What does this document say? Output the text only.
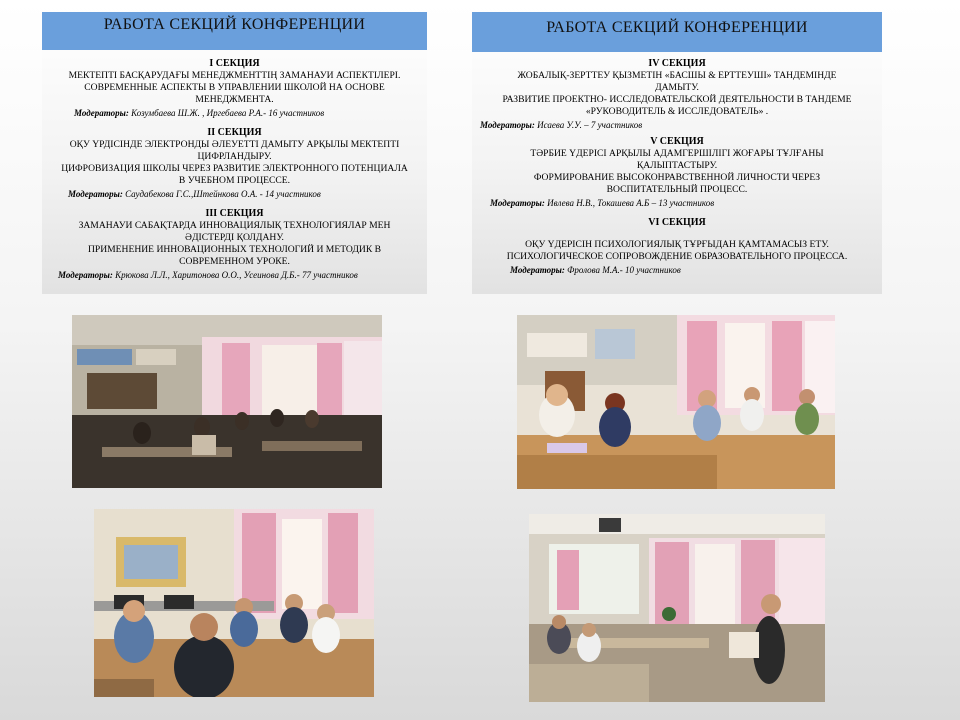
РАБОТА СЕКЦИЙ КОНФЕРЕНЦИИ

I СЕКЦИЯ

МЕКТЕПТІ БАСҚАРУДАҒЫ МЕНЕДЖМЕНТТІҢ ЗАМАНАУИ АСПЕКТІЛЕРІ.

СОВРЕМЕННЫЕ АСПЕКТЫ В УПРАВЛЕНИИ ШКОЛОЙ НА ОСНОВЕ

МЕНЕДЖМЕНТА.

Модераторы: Козумбаева Ш.Ж. , Иргебаева Р.А.- 16 участников

II СЕКЦИЯ

ОҚУ ҮРДІСІНДЕ ЭЛЕКТРОНДЫ ӘЛЕУЕТТІ ДАМЫТУ АРҚЫЛЫ МЕКТЕПТІ

ЦИФРЛАНДЫРУ.

ЦИФРОВИЗАЦИЯ ШКОЛЫ ЧЕРЕЗ РАЗВИТИЕ ЭЛЕКТРОННОГО ПОТЕНЦИАЛА

В УЧЕБНОМ ПРОЦЕССЕ.

Модераторы: Саудабекова Г.С.,Штейнкова О.А. - 14 участников

III СЕКЦИЯ

ЗАМАНАУИ САБАҚТАРДА ИННОВАЦИЯЛЫҚ ТЕХНОЛОГИЯЛАР МЕН

ӘДІСТЕРДІ ҚОЛДАНУ.

ПРИМЕНЕНИЕ ИННОВАЦИОННЫХ ТЕХНОЛОГИЙ И МЕТОДИК В

СОВРЕМЕННОМ УРОКЕ.

Модераторы: Крюкова Л.Л., Харитонова О.О., Усеинова Д.Б.- 77 участников

РАБОТА СЕКЦИЙ КОНФЕРЕНЦИИ

IV СЕКЦИЯ

ЖОБАЛЫҚ-ЗЕРТТЕУ ҚЫЗМЕТІН «БАСШЫ & ЕРТТЕУШІ» ТАНДЕМІНДЕ

ДАМЫТУ.

РАЗВИТИЕ ПРОЕКТНО- ИССЛЕДОВАТЕЛЬСКОЙ ДЕЯТЕЛЬНОСТИ В ТАНДЕМЕ

«РУКОВОДИТЕЛЬ & ИССЛЕДОВАТЕЛЬ» .

Модераторы: Исаева У.У. – 7 участников

V СЕКЦИЯ

ТӘРБИЕ ҮДЕРІСІ АРҚЫЛЫ АДАМГЕРШІЛІГІ ЖОҒАРЫ ТҰЛҒАНЫ

ҚАЛЫПТАСТЫРУ.

ФОРМИРОВАНИЕ ВЫСОКОНРАВСТВЕННОЙ ЛИЧНОСТИ ЧЕРЕЗ

ВОСПИТАТЕЛЬНЫЙ ПРОЦЕСС.

Модераторы: Ивлева Н.В., Токашева А.Б – 13 участников

VI СЕКЦИЯ

ОҚУ ҮДЕРІСІН ПСИХОЛОГИЯЛЫҚ ТҰРҒЫДАН ҚАМТАМАСЫЗ ЕТУ.

ПСИХОЛОГИЧЕСКОЕ СОПРОВОЖДЕНИЕ ОБРАЗОВАТЕЛЬНОГО ПРОЦЕССА.

Модераторы: Фролова М.А.- 10 участников
